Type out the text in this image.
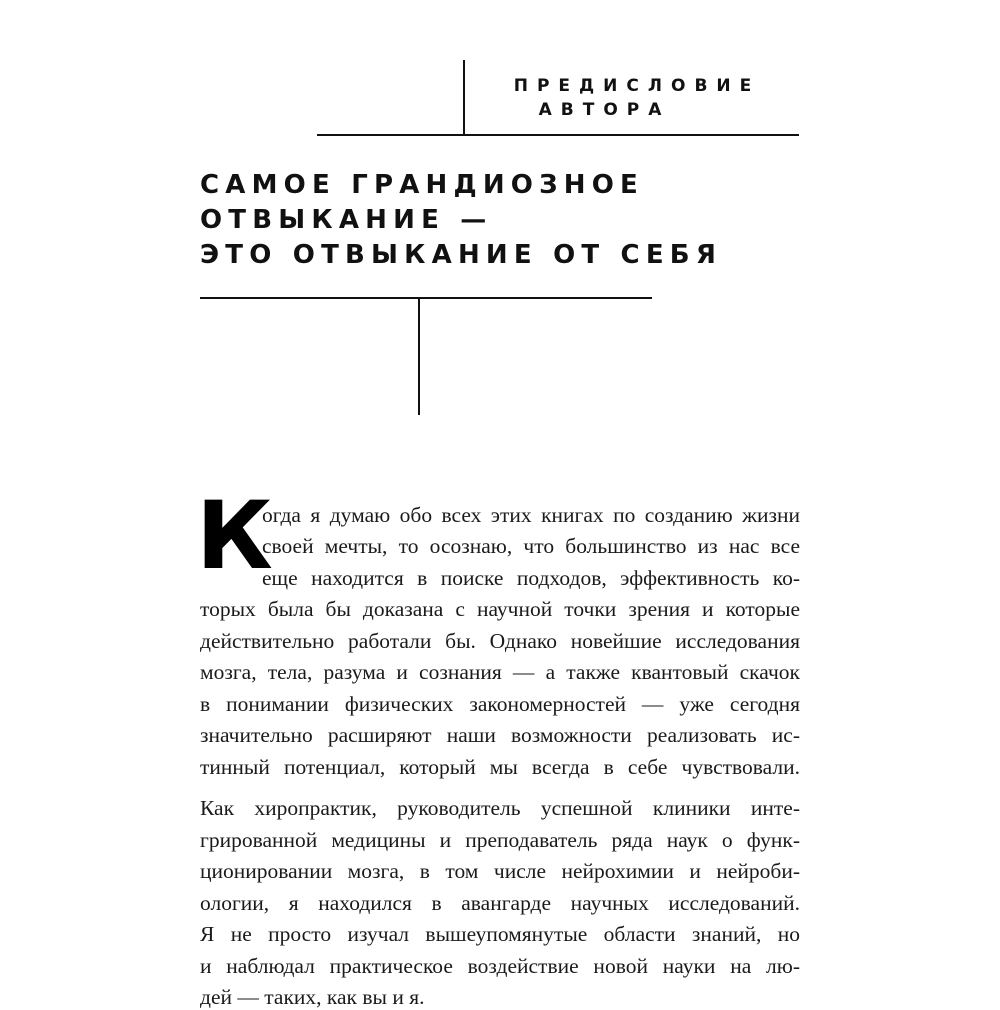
ПРЕДИСЛОВИЕ
АВТОРА
САМОЕ ГРАНДИОЗНОЕ
ОТВЫКАНИЕ —
ЭТО ОТВЫКАНИЕ ОТ СЕБЯ
К
огда я думаю обо всех этих книгах по созданию жизни
своей мечты, то осознаю, что большинство из нас все
еще находится в поиске подходов, эффективность ко-
торых была бы доказана с научной точки зрения и которые
действительно работали бы. Однако новейшие исследования
мозга, тела, разума и сознания — а также квантовый скачок
в понимании физических закономерностей — уже сегодня
значительно расширяют наши возможности реализовать ис-
тинный потенциал, который мы всегда в себе чувствовали.
Как хиропрактик, руководитель успешной клиники инте-
грированной медицины и преподаватель ряда наук о функ-
ционировании мозга, в том числе нейрохимии и нейроби-
ологии, я находился в авангарде научных исследований.
Я не просто изучал вышеупомянутые области знаний, но
и наблюдал практическое воздействие новой науки на лю-
дей — таких, как вы и я.
